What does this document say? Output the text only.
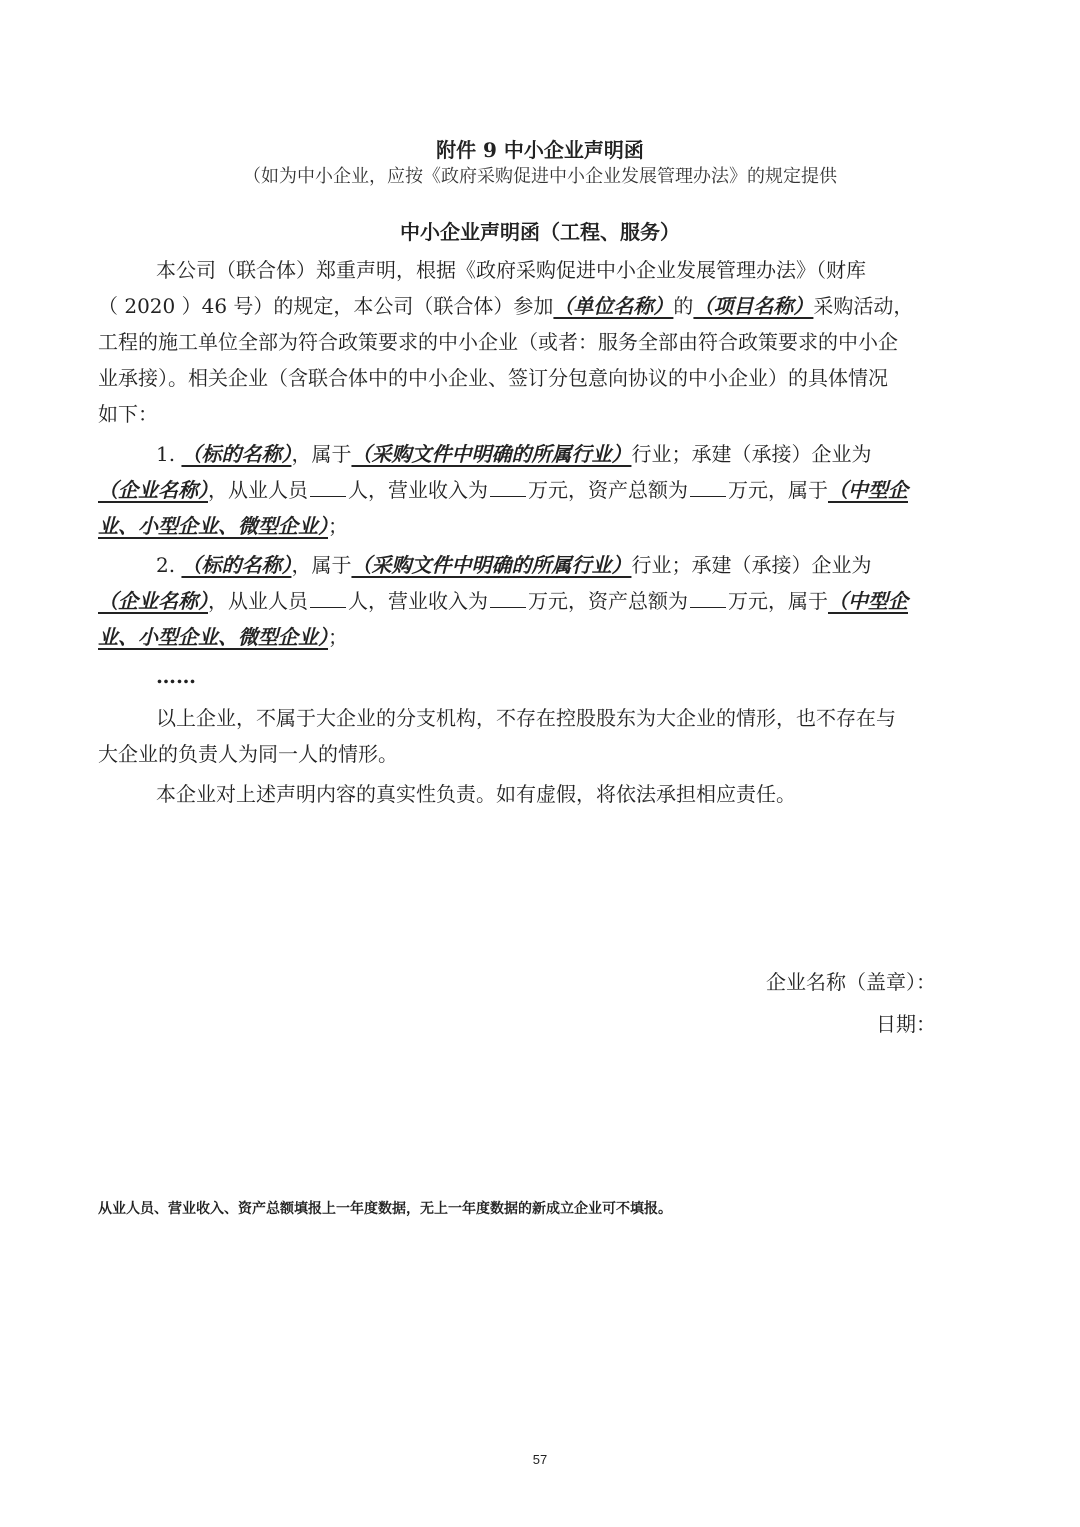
附件 9 中小企业声明函
（如为中小企业，应按《政府采购促进中小企业发展管理办法》的规定提供
中小企业声明函（工程、服务）
本公司（联合体）郑重声明，根据《政府采购促进中小企业发展管理办法》（财库
（ 2020 ）46 号）的规定，本公司（联合体）参加（单位名称）的（项目名称）采购活动，
工程的施工单位全部为符合政策要求的中小企业（或者：服务全部由符合政策要求的中小企
业承接）。相关企业（含联合体中的中小企业、签订分包意向协议的中小企业）的具体情况
如下：
1. （标的名称），属于（采购文件中明确的所属行业）行业；承建（承接）企业为
（企业名称），从业人员 人，营业收入为 万元，资产总额为 万元，属于（中型企
业、小型企业、微型企业）；
2. （标的名称），属于（采购文件中明确的所属行业）行业；承建（承接）企业为
（企业名称），从业人员 人，营业收入为 万元，资产总额为 万元，属于（中型企
业、小型企业、微型企业）；
……
以上企业，不属于大企业的分支机构，不存在控股股东为大企业的情形，也不存在与
大企业的负责人为同一人的情形。
本企业对上述声明内容的真实性负责。如有虚假，将依法承担相应责任。
企业名称（盖章）：
日期：
从业人员、营业收入、资产总额填报上一年度数据，无上一年度数据的新成立企业可不填报。
57
